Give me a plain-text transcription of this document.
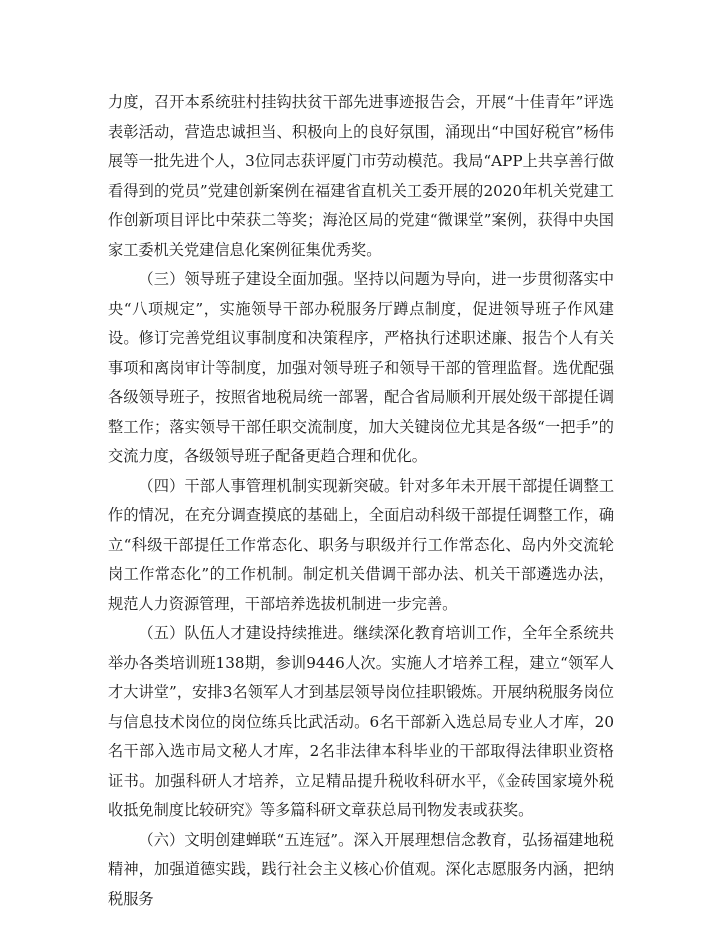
力度，召开本系统驻村挂钩扶贫干部先进事迹报告会，开展“十佳青年”评选表彰活动，营造忠诚担当、积极向上的良好氛围，涌现出“中国好税官”杨伟展等一批先进个人，3位同志获评厦门市劳动模范。我局“APP上共享善行做看得到的党员”党建创新案例在福建省直机关工委开展的2020年机关党建工作创新项目评比中荣获二等奖；海沧区局的党建“微课堂”案例，获得中央国家工委机关党建信息化案例征集优秀奖。

（三）领导班子建设全面加强。坚持以问题为导向，进一步贯彻落实中央“八项规定”，实施领导干部办税服务厅蹲点制度，促进领导班子作风建设。修订完善党组议事制度和决策程序，严格执行述职述廉、报告个人有关事项和离岗审计等制度，加强对领导班子和领导干部的管理监督。选优配强各级领导班子，按照省地税局统一部署，配合省局顺利开展处级干部提任调整工作；落实领导干部任职交流制度，加大关键岗位尤其是各级“一把手”的交流力度，各级领导班子配备更趋合理和优化。

（四）干部人事管理机制实现新突破。针对多年未开展干部提任调整工作的情况，在充分调查摸底的基础上，全面启动科级干部提任调整工作，确立“科级干部提任工作常态化、职务与职级并行工作常态化、岛内外交流轮岗工作常态化”的工作机制。制定机关借调干部办法、机关干部遴选办法，规范人力资源管理，干部培养选拔机制进一步完善。

（五）队伍人才建设持续推进。继续深化教育培训工作，全年全系统共举办各类培训班138期，参训9446人次。实施人才培养工程，建立“领军人才大讲堂”，安排3名领军人才到基层领导岗位挂职锻炼。开展纳税服务岗位与信息技术岗位的岗位练兵比武活动。6名干部新入选总局专业人才库，20名干部入选市局文秘人才库，2名非法律本科毕业的干部取得法律职业资格证书。加强科研人才培养，立足精品提升税收科研水平，《金砖国家境外税收抵免制度比较研究》等多篇科研文章获总局刊物发表或获奖。

（六）文明创建蝉联“五连冠”。深入开展理想信念教育，弘扬福建地税精神，加强道德实践，践行社会主义核心价值观。深化志愿服务内涵，把纳税服务
